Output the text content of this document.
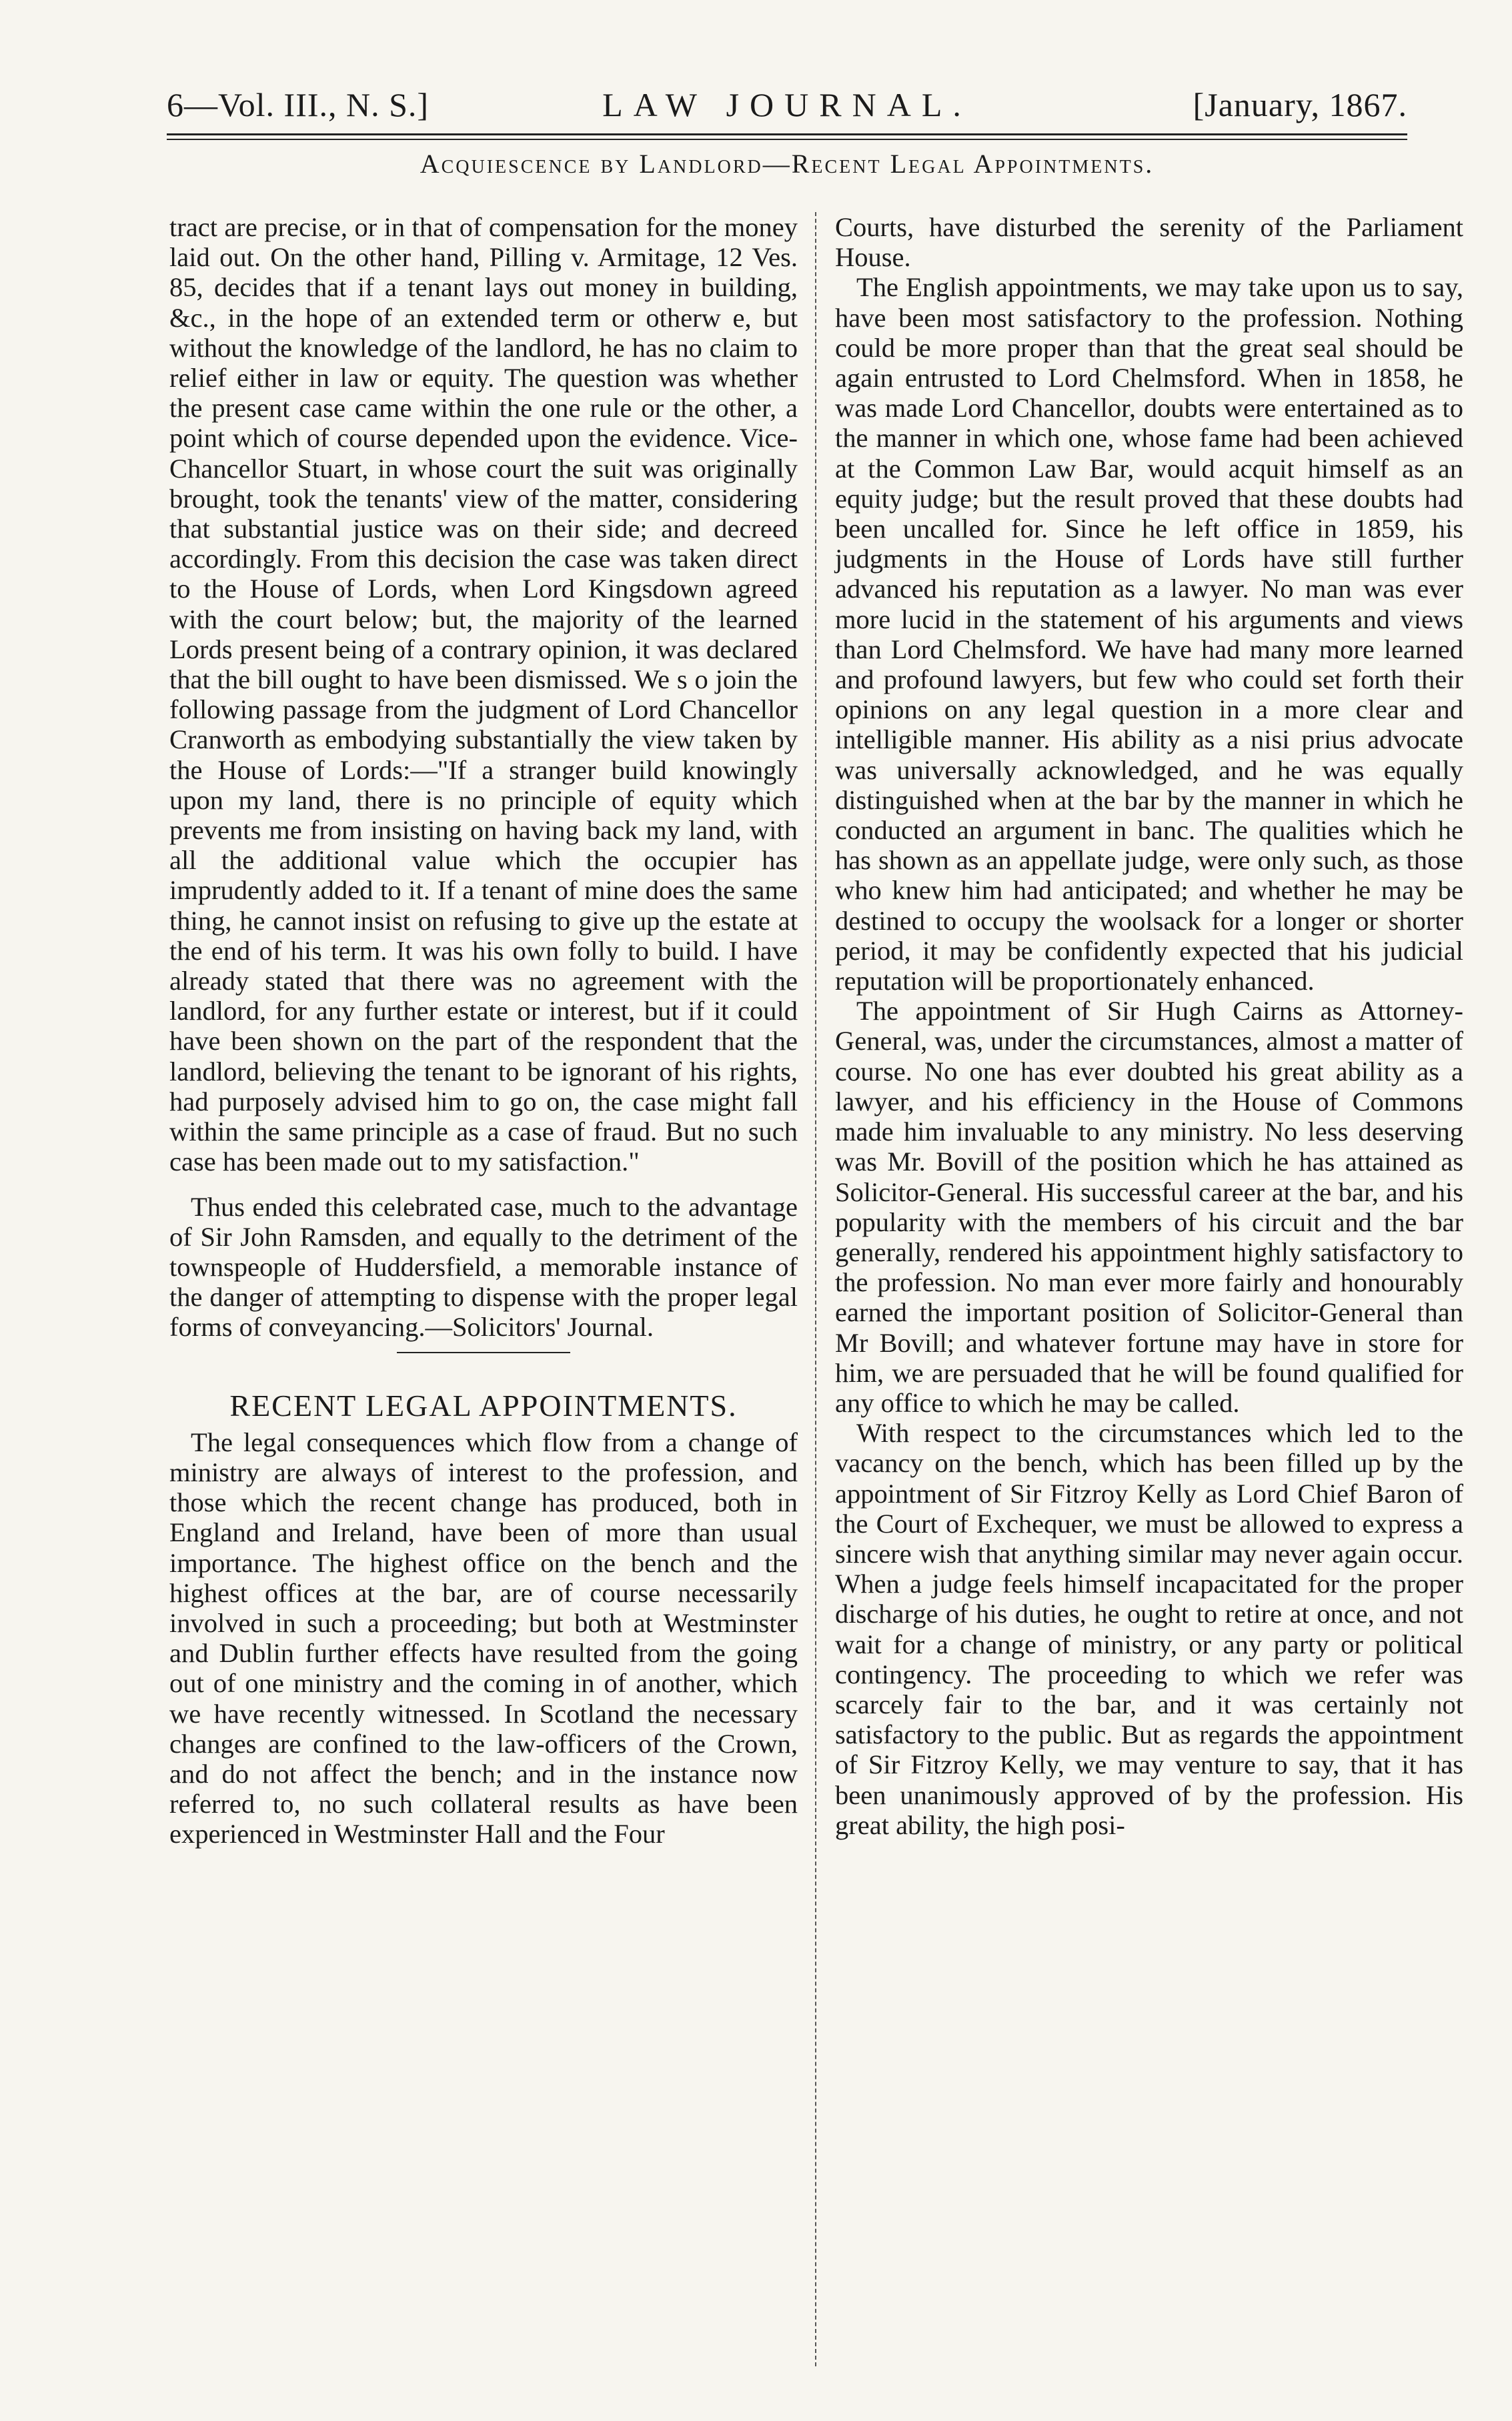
6—Vol. III., N. S.]	LAW JOURNAL.	[January, 1867.
Acquiescence by Landlord—Recent Legal Appointments.

tract are precise, or in that of compensation for the money laid out. On the other hand, Pilling v. Armitage, 12 Ves. 85, decides that if a tenant lays out money in building, &c., in the hope of an extended term or otherw e, but without the knowledge of the landlord, he has no claim to relief either in law or equity. The question was whether the present case came within the one rule or the other, a point which of course depended upon the evidence. Vice-Chancellor Stuart, in whose court the suit was originally brought, took the tenants' view of the matter, considering that substantial justice was on their side; and decreed accordingly. From this decision the case was taken direct to the House of Lords, when Lord Kingsdown agreed with the court below; but, the majority of the learned Lords present being of a contrary opinion, it was declared that the bill ought to have been dismissed. We s o join the following passage from the judgment of Lord Chancellor Cranworth as embodying substantially the view taken by the House of Lords:—"If a stranger build knowingly upon my land, there is no principle of equity which prevents me from insisting on having back my land, with all the additional value which the occupier has imprudently added to it. If a tenant of mine does the same thing, he cannot insist on refusing to give up the estate at the end of his term. It was his own folly to build. I have already stated that there was no agreement with the landlord, for any further estate or interest, but if it could have been shown on the part of the respondent that the landlord, believing the tenant to be ignorant of his rights, had purposely advised him to go on, the case might fall within the same principle as a case of fraud. But no such case has been made out to my satisfaction."

Thus ended this celebrated case, much to the advantage of Sir John Ramsden, and equally to the detriment of the townspeople of Huddersfield, a memorable instance of the danger of attempting to dispense with the proper legal forms of conveyancing.—Solicitors' Journal.

RECENT LEGAL APPOINTMENTS.

The legal consequences which flow from a change of ministry are always of interest to the profession, and those which the recent change has produced, both in England and Ireland, have been of more than usual importance. The highest office on the bench and the highest offices at the bar, are of course necessarily involved in such a proceeding; but both at Westminster and Dublin further effects have resulted from the going out of one ministry and the coming in of another, which we have recently witnessed. In Scotland the necessary changes are confined to the law-officers of the Crown, and do not affect the bench; and in the instance now referred to, no such collateral results as have been experienced in Westminster Hall and the Four

Courts, have disturbed the serenity of the Parliament House.

The English appointments, we may take upon us to say, have been most satisfactory to the profession. Nothing could be more proper than that the great seal should be again entrusted to Lord Chelmsford. When in 1858, he was made Lord Chancellor, doubts were entertained as to the manner in which one, whose fame had been achieved at the Common Law Bar, would acquit himself as an equity judge; but the result proved that these doubts had been uncalled for. Since he left office in 1859, his judgments in the House of Lords have still further advanced his reputation as a lawyer. No man was ever more lucid in the statement of his arguments and views than Lord Chelmsford. We have had many more learned and profound lawyers, but few who could set forth their opinions on any legal question in a more clear and intelligible manner. His ability as a nisi prius advocate was universally acknowledged, and he was equally distinguished when at the bar by the manner in which he conducted an argument in banc. The qualities which he has shown as an appellate judge, were only such, as those who knew him had anticipated; and whether he may be destined to occupy the woolsack for a longer or shorter period, it may be confidently expected that his judicial reputation will be proportionately enhanced.

The appointment of Sir Hugh Cairns as Attorney-General, was, under the circumstances, almost a matter of course. No one has ever doubted his great ability as a lawyer, and his efficiency in the House of Commons made him invaluable to any ministry. No less deserving was Mr. Bovill of the position which he has attained as Solicitor-General. His successful career at the bar, and his popularity with the members of his circuit and the bar generally, rendered his appointment highly satisfactory to the profession. No man ever more fairly and honourably earned the important position of Solicitor-General than Mr Bovill; and whatever fortune may have in store for him, we are persuaded that he will be found qualified for any office to which he may be called.

With respect to the circumstances which led to the vacancy on the bench, which has been filled up by the appointment of Sir Fitzroy Kelly as Lord Chief Baron of the Court of Exchequer, we must be allowed to express a sincere wish that anything similar may never again occur. When a judge feels himself incapacitated for the proper discharge of his duties, he ought to retire at once, and not wait for a change of ministry, or any party or political contingency. The proceeding to which we refer was scarcely fair to the bar, and it was certainly not satisfactory to the public. But as regards the appointment of Sir Fitzroy Kelly, we may venture to say, that it has been unanimously approved of by the profession. His great ability, the high posi-
